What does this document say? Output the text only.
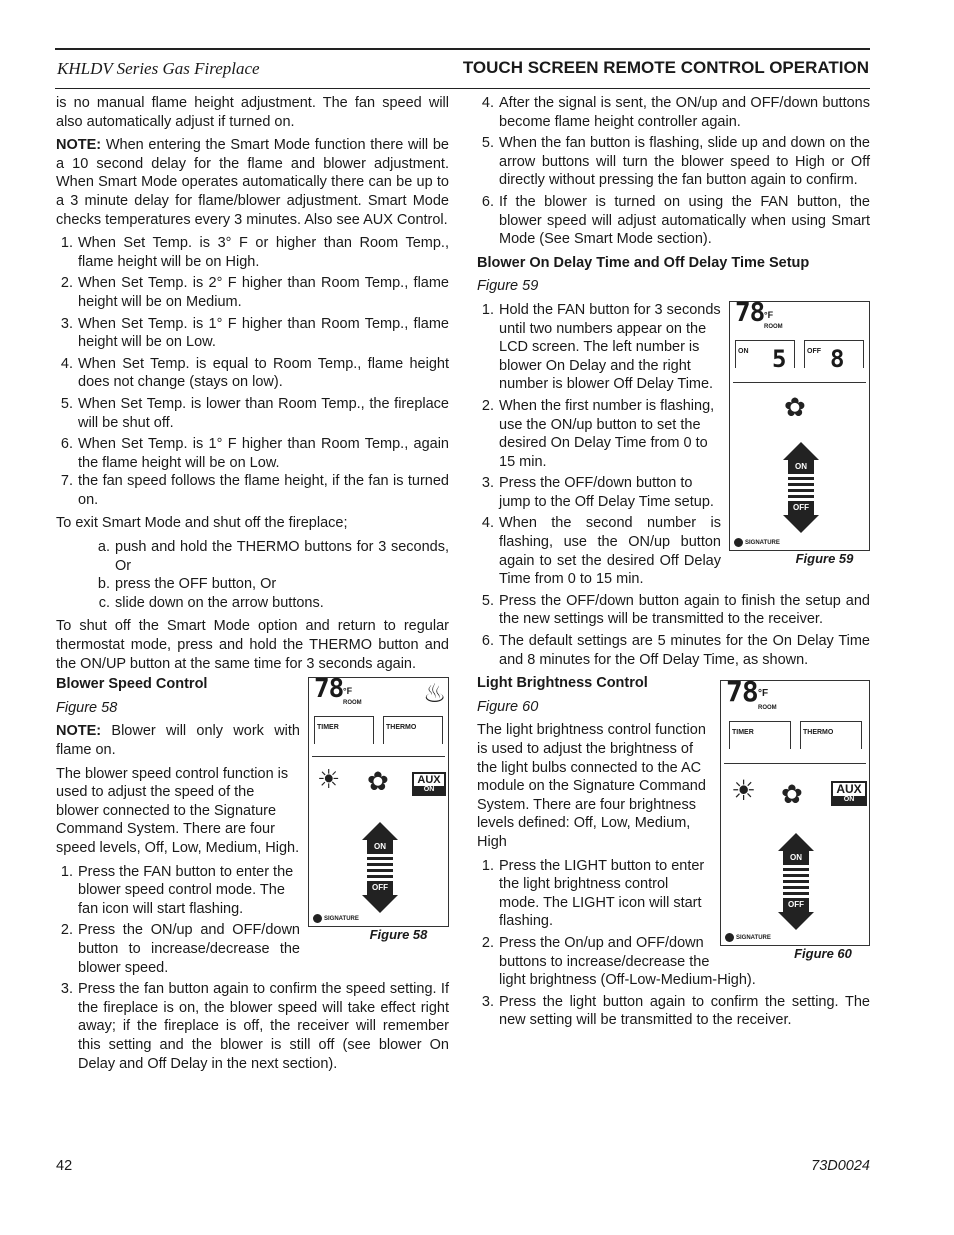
KHLDV Series Gas Fireplace	TOUCH SCREEN REMOTE CONTROL OPERATION

is no manual flame height adjustment. The fan speed will also automatically adjust if turned on.

NOTE: When entering the Smart Mode function there will be a 10 second delay for the flame and blower adjustment. When Smart Mode operates automatically there can be up to a 3 minute delay for flame/blower adjustment. Smart Mode checks temperatures every 3 minutes. Also see AUX Control.

1. When Set Temp. is 3° F or higher than Room Temp., flame height will be on High.
2. When Set Temp. is 2° F higher than Room Temp., flame height will be on Medium.
3. When Set Temp. is 1° F higher than Room Temp., flame height will be on Low.
4. When Set Temp. is equal to Room Temp., flame height does not change (stays on low).
5. When Set Temp. is lower than Room Temp., the fireplace will be shut off.
6. When Set Temp. is 1° F higher than Room Temp., again the flame height will be on Low.
7. the fan speed follows the flame height, if the fan is turned on.

To exit Smart Mode and shut off the fireplace;

a. push and hold the THERMO buttons for 3 seconds, Or
b. press the OFF button, Or
c. slide down on the arrow buttons.

To shut off the Smart Mode option and return to regular thermostat mode, press and hold the THERMO button and the ON/UP button at the same time for 3 seconds again.

78 °F
ROOM ♨
TIMER	THERMO
☀ ✿	AUX
ON
ON
OFF
SIGNATURE
Figure 58

Blower Speed Control

Figure 58

NOTE: Blower will only work with flame on.

The blower speed control function is used to adjust the speed of the blower connected to the Signature Command System. There are four speed levels, Off, Low, Medium, High.

1. Press the FAN button to enter the blower speed control mode. The fan icon will start flashing.
2. Press the ON/up and OFF/down button to increase/decrease the blower speed.
3. Press the fan button again to confirm the speed setting. If the fireplace is on, the blower speed will take effect right away; if the fireplace is off, the receiver will remember this setting and the blower is still off (see blower On Delay and Off Delay in the next section).
4. After the signal is sent, the ON/up and OFF/down buttons become flame height controller again.
5. When the fan button is flashing, slide up and down on the arrow buttons will turn the blower speed to High or Off directly without pressing the fan button again to confirm.
6. If the blower is turned on using the FAN button, the blower speed will adjust automatically when using Smart Mode (See Smart Mode section).

Blower On Delay Time and Off Delay Time Setup

Figure 59

78 °F
ROOM
ON	OFF
5 8
✿
ON
OFF
SIGNATURE
Figure 59
1. Hold the FAN button for 3 seconds until two numbers appear on the LCD screen. The left number is blower On Delay and the right number is blower Off Delay Time.
2. When the first number is flashing, use the ON/up button to set the desired On Delay Time from 0 to 15 min.
3. Press the OFF/down button to jump to the Off Delay Time setup.
4. When the second number is flashing, use the ON/up button again to set the desired Off Delay Time from 0 to 15 min.
5. Press the OFF/down button again to finish the setup and the new settings will be transmitted to the receiver.
6. The default settings are 5 minutes for the On Delay Time and 8 minutes for the Off Delay Time, as shown.
78 °F
ROOM
TIMER	THERMO
☀ ✿	AUX
ON
ON
OFF
SIGNATURE
Figure 60

Light Brightness Control

Figure 60

The light brightness control function is used to adjust the brightness of the light bulbs connected to the AC module on the Signature Command System. There are four brightness levels defined: Off, Low, Medium, High

1. Press the LIGHT button to enter the light brightness control mode. The LIGHT icon will start flashing.
2. Press the On/up and OFF/down buttons to increase/decrease the light brightness (Off-Low-Medium-High).
3. Press the light button again to confirm the setting. The new setting will be transmitted to the receiver.
42	73D0024
